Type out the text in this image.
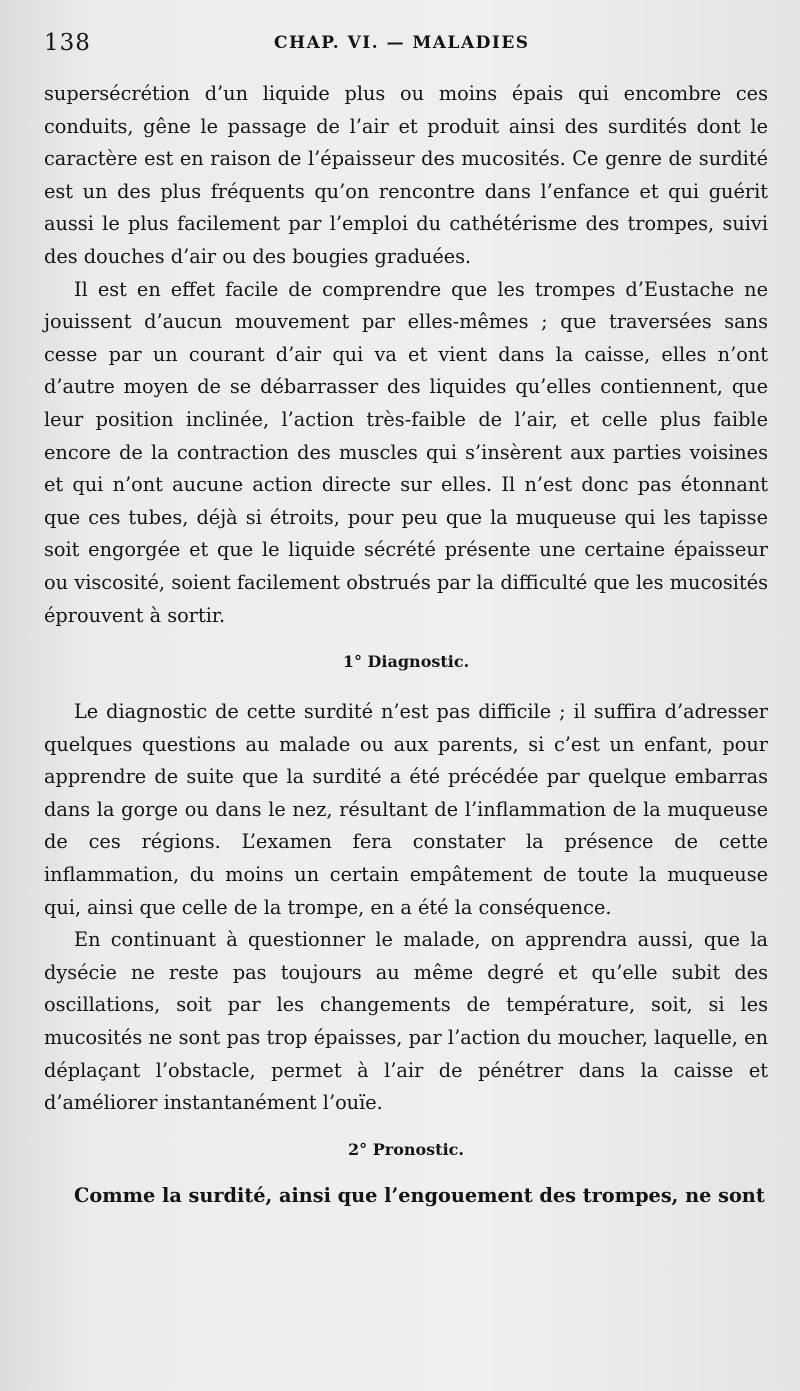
138	CHAP. VI. — MALADIES

supersécrétion d’un liquide plus ou moins épais qui encombre ces conduits, gêne le passage de l’air et produit ainsi des surdités dont le caractère est en raison de l’épaisseur des mucosités. Ce genre de surdité est un des plus fréquents qu’on rencontre dans l’enfance et qui guérit aussi le plus facilement par l’emploi du cathétérisme des trompes, suivi des douches d’air ou des bougies graduées.

Il est en effet facile de comprendre que les trompes d’Eustache ne jouissent d’aucun mouvement par elles-mêmes ; que traversées sans cesse par un courant d’air qui va et vient dans la caisse, elles n’ont d’autre moyen de se débarrasser des liquides qu’elles contiennent, que leur position inclinée, l’action très-faible de l’air, et celle plus faible encore de la contraction des muscles qui s’insèrent aux parties voisines et qui n’ont aucune action directe sur elles. Il n’est donc pas étonnant que ces tubes, déjà si étroits, pour peu que la muqueuse qui les tapisse soit engorgée et que le liquide sécrété présente une certaine épaisseur ou viscosité, soient facilement obstrués par la difficulté que les mucosités éprouvent à sortir.

1° Diagnostic.

Le diagnostic de cette surdité n’est pas difficile ; il suffira d’adresser quelques questions au malade ou aux parents, si c’est un enfant, pour apprendre de suite que la surdité a été précédée par quelque embarras dans la gorge ou dans le nez, résultant de l’inflammation de la muqueuse de ces régions. L’examen fera constater la présence de cette inflammation, du moins un certain empâtement de toute la muqueuse qui, ainsi que celle de la trompe, en a été la conséquence.

En continuant à questionner le malade, on apprendra aussi, que la dysécie ne reste pas toujours au même degré et qu’elle subit des oscillations, soit par les changements de température, soit, si les mucosités ne sont pas trop épaisses, par l’action du moucher, laquelle, en déplaçant l’obstacle, permet à l’air de pénétrer dans la caisse et d’améliorer instantanément l’ouïe.

2° Pronostic.

Comme la surdité, ainsi que l’engouement des trompes, ne sont
